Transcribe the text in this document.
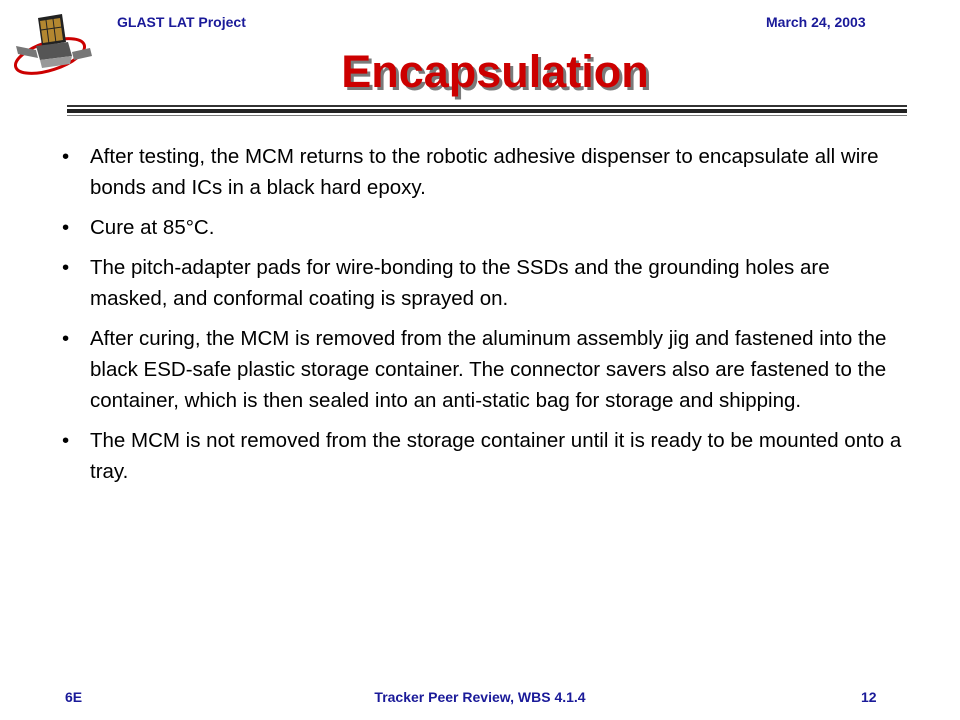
GLAST LAT Project	March 24, 2003
Encapsulation
• After testing, the MCM returns to the robotic adhesive dispenser to encapsulate all wire bonds and ICs in a black hard epoxy.
• Cure at 85°C.
• The pitch-adapter pads for wire-bonding to the SSDs and the grounding holes are masked, and conformal coating is sprayed on.
• After curing, the MCM is removed from the aluminum assembly jig and fastened into the black ESD-safe plastic storage container. The connector savers also are fastened to the container, which is then sealed into an anti-static bag for storage and shipping.
• The MCM is not removed from the storage container until it is ready to be mounted onto a tray.
6E	Tracker Peer Review, WBS 4.1.4	12
